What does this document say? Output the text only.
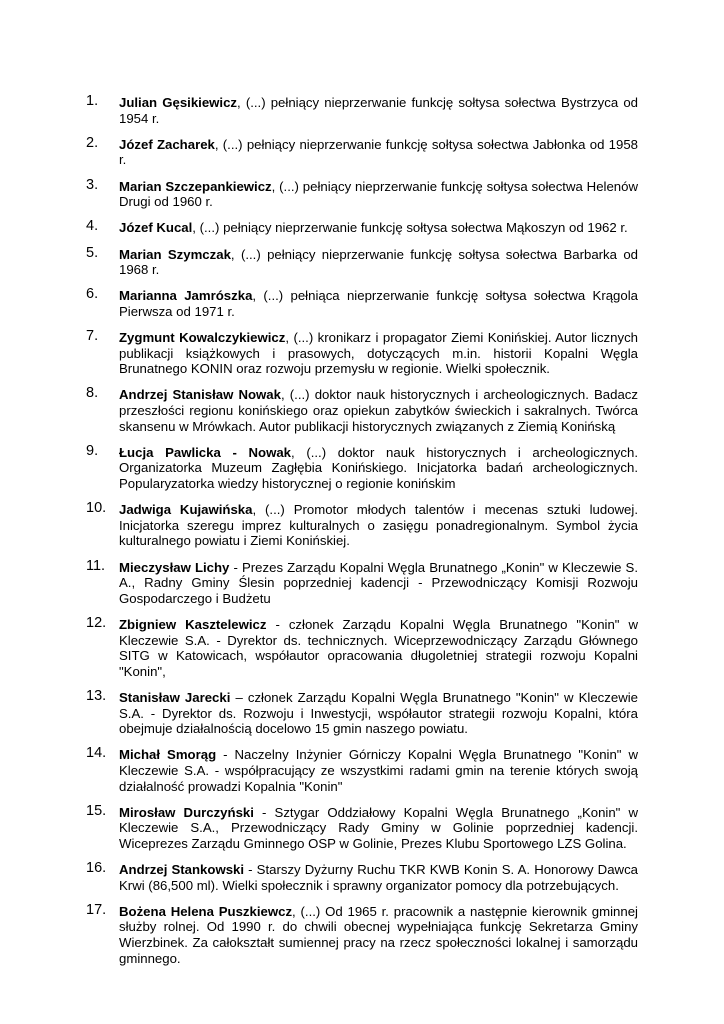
1. Julian Gęsikiewicz, (...) pełniący nieprzerwanie funkcję sołtysa sołectwa Bystrzyca od 1954 r.
2. Józef Zacharek, (...) pełniący nieprzerwanie funkcję sołtysa sołectwa Jabłonka od 1958 r.
3. Marian Szczepankiewicz, (...) pełniący nieprzerwanie funkcję sołtysa sołectwa Helenów Drugi od 1960 r.
4. Józef Kucal, (...) pełniący nieprzerwanie funkcję sołtysa sołectwa Mąkoszyn od 1962 r.
5. Marian Szymczak, (...) pełniący nieprzerwanie funkcję sołtysa sołectwa Barbarka od 1968 r.
6. Marianna Jamrószka, (...) pełniąca nieprzerwanie funkcję sołtysa sołectwa Krągola Pierwsza od 1971 r.
7. Zygmunt Kowalczykiewicz, (...) kronikarz i propagator Ziemi Konińskiej. Autor licznych publikacji książkowych i prasowych, dotyczących m.in. historii Kopalni Węgla Brunatnego KONIN oraz rozwoju przemysłu w regionie. Wielki społecznik.
8. Andrzej Stanisław Nowak, (...) doktor nauk historycznych i archeologicznych. Badacz przeszłości regionu konińskiego oraz opiekun zabytków świeckich i sakralnych. Twórca skansenu w Mrówkach. Autor publikacji historycznych związanych z Ziemią Konińską
9. Łucja Pawlicka - Nowak, (...) doktor nauk historycznych i archeologicznych. Organizatorka Muzeum Zagłębia Konińskiego. Inicjatorka badań archeologicznych. Popularyzatorka wiedzy historycznej o regionie konińskim
10. Jadwiga Kujawińska, (...) Promotor młodych talentów i mecenas sztuki ludowej. Inicjatorka szeregu imprez kulturalnych o zasięgu ponadregionalnym. Symbol życia kulturalnego powiatu i Ziemi Konińskiej.
11. Mieczysław Lichy - Prezes Zarządu Kopalni Węgla Brunatnego „Konin" w Kleczewie S. A., Radny Gminy Ślesin poprzedniej kadencji - Przewodniczący Komisji Rozwoju Gospodarczego i Budżetu
12. Zbigniew Kasztelewicz - członek Zarządu Kopalni Węgla Brunatnego "Konin" w Kleczewie S.A. - Dyrektor ds. technicznych. Wiceprzewodniczący Zarządu Głównego SITG w Katowicach, współautor opracowania długoletniej strategii rozwoju Kopalni "Konin",
13. Stanisław Jarecki – członek Zarządu Kopalni Węgla Brunatnego "Konin" w Kleczewie S.A. - Dyrektor ds. Rozwoju i Inwestycji, współautor strategii rozwoju Kopalni, która obejmuje działalnością docelowo 15 gmin naszego powiatu.
14. Michał Smorąg - Naczelny Inżynier Górniczy Kopalni Węgla Brunatnego "Konin" w Kleczewie S.A. - współpracujący ze wszystkimi radami gmin na terenie których swoją działalność prowadzi Kopalnia "Konin"
15. Mirosław Durczyński - Sztygar Oddziałowy Kopalni Węgla Brunatnego „Konin" w Kleczewie S.A., Przewodniczący Rady Gminy w Golinie poprzedniej kadencji. Wiceprezes Zarządu Gminnego OSP w Golinie, Prezes Klubu Sportowego LZS Golina.
16. Andrzej Stankowski - Starszy Dyżurny Ruchu TKR KWB Konin S. A. Honorowy Dawca Krwi (86,500 ml). Wielki społecznik i sprawny organizator pomocy dla potrzebujących.
17. Bożena Helena Puszkiewcz, (...) Od 1965 r. pracownik a następnie kierownik gminnej służby rolnej. Od 1990 r. do chwili obecnej wypełniająca funkcję Sekretarza Gminy Wierzbinek. Za całokształt sumiennej pracy na rzecz społeczności lokalnej i samorządu gminnego.
